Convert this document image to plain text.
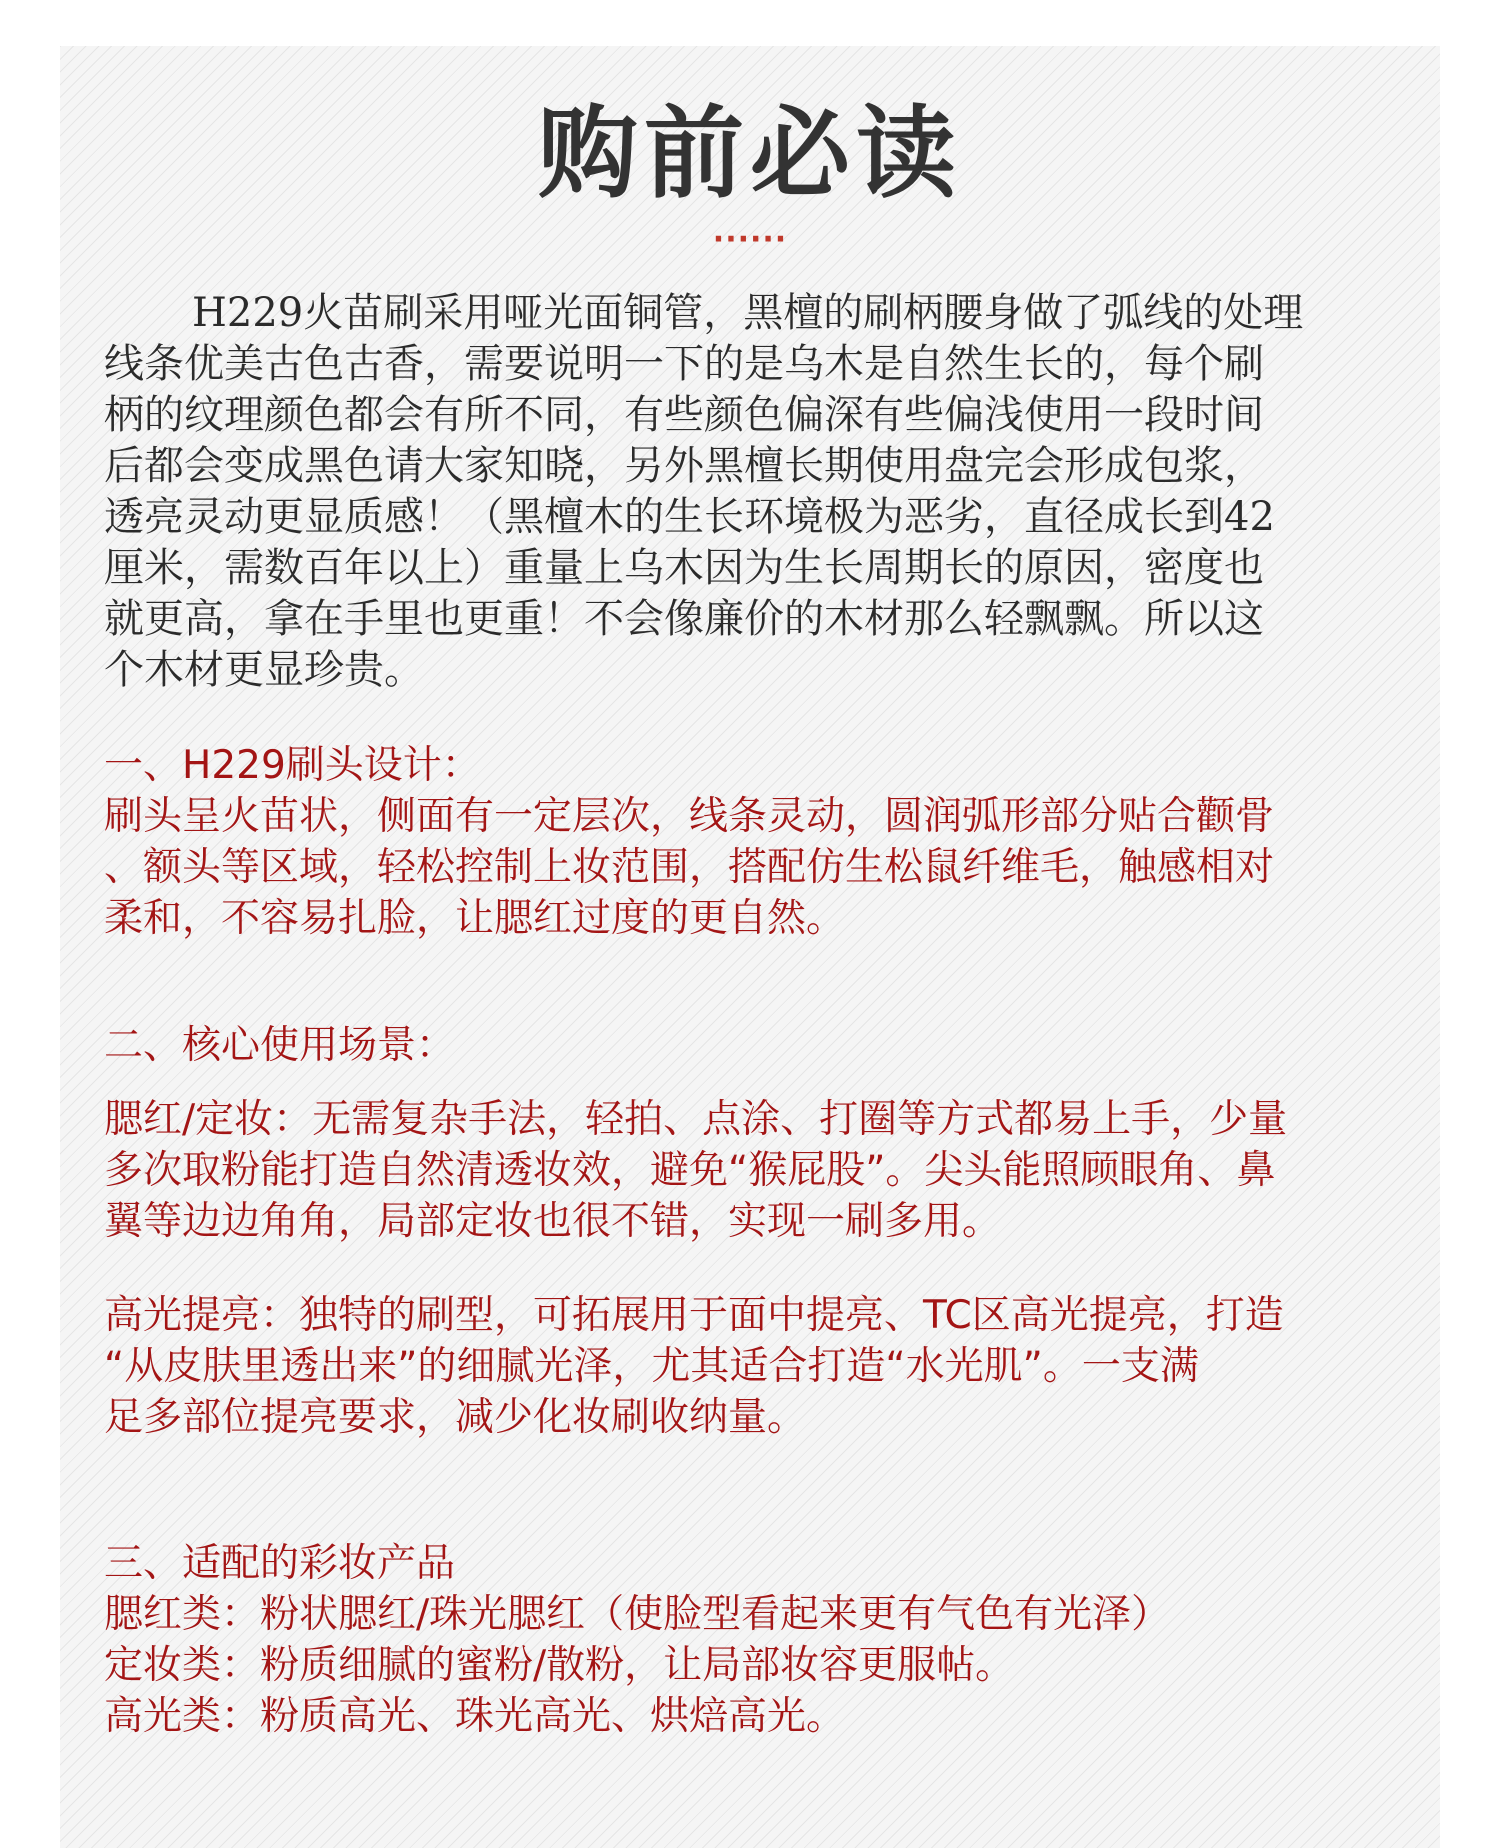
购前必读
······
H229火苗刷采用哑光面铜管，黑檀的刷柄腰身做了弧线的处理
线条优美古色古香，需要说明一下的是乌木是自然生长的，每个刷
柄的纹理颜色都会有所不同，有些颜色偏深有些偏浅使用一段时间
后都会变成黑色请大家知晓，另外黑檀长期使用盘完会形成包浆，
透亮灵动更显质感！（黑檀木的生长环境极为恶劣，直径成长到42
厘米，需数百年以上）重量上乌木因为生长周期长的原因，密度也
就更高，拿在手里也更重！不会像廉价的木材那么轻飘飘。所以这
个木材更显珍贵。
一、H229刷头设计：
刷头呈火苗状，侧面有一定层次，线条灵动，圆润弧形部分贴合颧骨
、额头等区域，轻松控制上妆范围，搭配仿生松鼠纤维毛，触感相对
柔和，不容易扎脸，让腮红过度的更自然。
二、核心使用场景：
腮红/定妆：无需复杂手法，轻拍、点涂、打圈等方式都易上手，少量
多次取粉能打造自然清透妆效，避免“猴屁股”。尖头能照顾眼角、鼻
翼等边边角角，局部定妆也很不错，实现一刷多用。
高光提亮：独特的刷型，可拓展用于面中提亮、TC区高光提亮，打造
“从皮肤里透出来”的细腻光泽，尤其适合打造“水光肌”。一支满
足多部位提亮要求，减少化妆刷收纳量。
三、适配的彩妆产品
腮红类：粉状腮红/珠光腮红（使脸型看起来更有气色有光泽）
定妆类：粉质细腻的蜜粉/散粉，让局部妆容更服帖。
高光类：粉质高光、珠光高光、烘焙高光。
